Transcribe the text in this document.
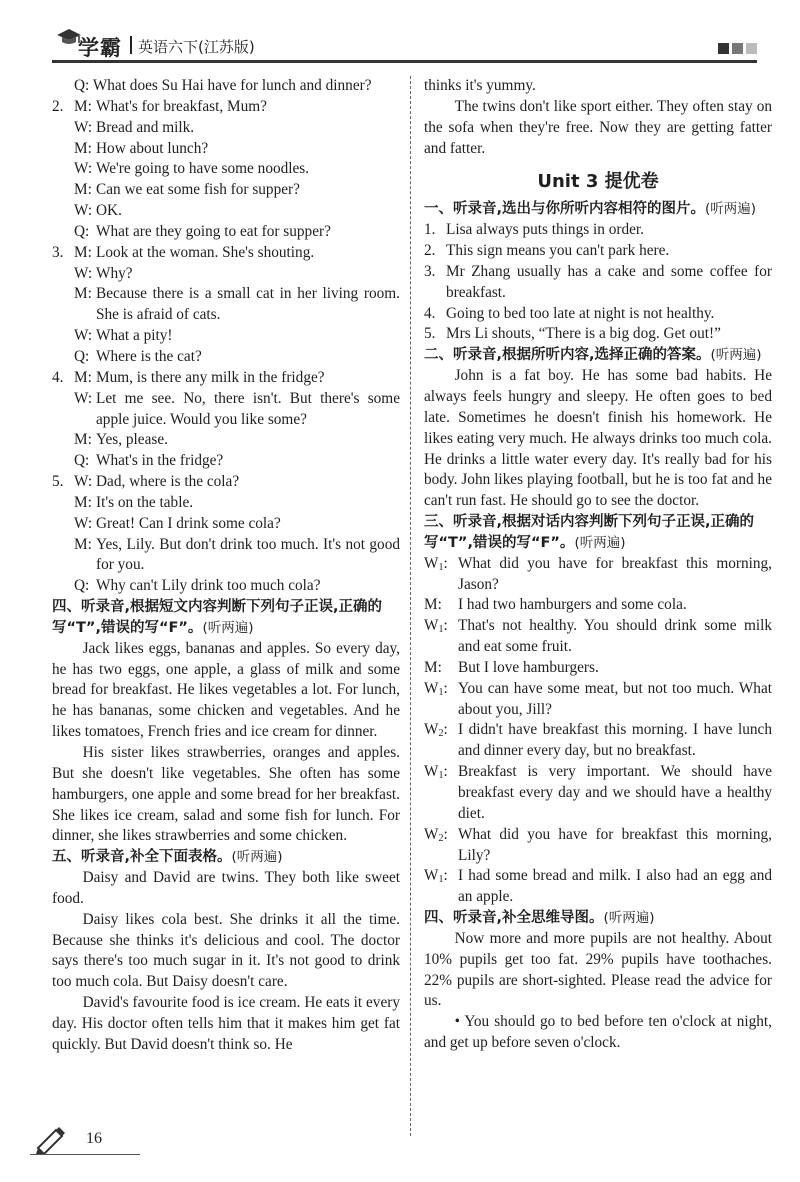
学霸 英语六下(江苏版)
Q: What does Su Hai have for lunch and dinner?
2. M: What's for breakfast, Mum?
W: Bread and milk.
M: How about lunch?
W: We're going to have some noodles.
M: Can we eat some fish for supper?
W: OK.
Q: What are they going to eat for supper?
3. M: Look at the woman. She's shouting.
W: Why?
M: Because there is a small cat in her living room. She is afraid of cats.
W: What a pity!
Q: Where is the cat?
4. M: Mum, is there any milk in the fridge?
W: Let me see. No, there isn't. But there's some apple juice. Would you like some?
M: Yes, please.
Q: What's in the fridge?
5. W: Dad, where is the cola?
M: It's on the table.
W: Great! Can I drink some cola?
M: Yes, Lily. But don't drink too much. It's not good for you.
Q: Why can't Lily drink too much cola?
四、听录音,根据短文内容判断下列句子正误,正确的写“T”,错误的写“F”。(听两遍)

Jack likes eggs, bananas and apples. So every day, he has two eggs, one apple, a glass of milk and some bread for breakfast. He likes vegetables a lot. For lunch, he has bananas, some chicken and vegetables. And he likes tomatoes, French fries and ice cream for dinner.

His sister likes strawberries, oranges and apples. But she doesn't like vegetables. She often has some hamburgers, one apple and some bread for her breakfast. She likes ice cream, salad and some fish for lunch. For dinner, she likes strawberries and some chicken.

五、听录音,补全下面表格。(听两遍)

Daisy and David are twins. They both like sweet food.

Daisy likes cola best. She drinks it all the time. Because she thinks it's delicious and cool. The doctor says there's too much sugar in it. It's not good to drink too much cola. But Daisy doesn't care.

David's favourite food is ice cream. He eats it every day. His doctor often tells him that it makes him get fat quickly. But David doesn't think so. He

thinks it's yummy.

The twins don't like sport either. They often stay on the sofa when they're free. Now they are getting fatter and fatter.

Unit 3 提优卷
一、听录音,选出与你所听内容相符的图片。(听两遍)
1. Lisa always puts things in order.
2. This sign means you can't park here.
3. Mr Zhang usually has a cake and some coffee for breakfast.
4. Going to bed too late at night is not healthy.
5. Mrs Li shouts, “There is a big dog. Get out!”
二、听录音,根据所听内容,选择正确的答案。(听两遍)

John is a fat boy. He has some bad habits. He always feels hungry and sleepy. He often goes to bed late. Sometimes he doesn't finish his homework. He likes eating very much. He always drinks too much cola. He drinks a little water every day. It's really bad for his body. John likes playing football, but he is too fat and he can't run fast. He should go to see the doctor.

三、听录音,根据对话内容判断下列句子正误,正确的写“T”,错误的写“F”。(听两遍)
$W_1$: What did you have for breakfast this morning, Jason?
M:	I had two hamburgers and some cola.
$W_1$: That's not healthy. You should drink some milk and eat some fruit.
M:	But I love hamburgers.
$W_1$: You can have some meat, but not too much. What about you, Jill?
$W_2$: I didn't have breakfast this morning. I have lunch and dinner every day, but no breakfast.
$W_1$: Breakfast is very important. We should have breakfast every day and we should have a healthy diet.
$W_2$: What did you have for breakfast this morning, Lily?
$W_1$: I had some bread and milk. I also had an egg and an apple.
四、听录音,补全思维导图。(听两遍)

Now more and more pupils are not healthy. About 10% pupils get too fat. 29% pupils have toothaches. 22% pupils are short-sighted. Please read the advice for us.

• You should go to bed before ten o'clock at night, and get up before seven o'clock.

16
